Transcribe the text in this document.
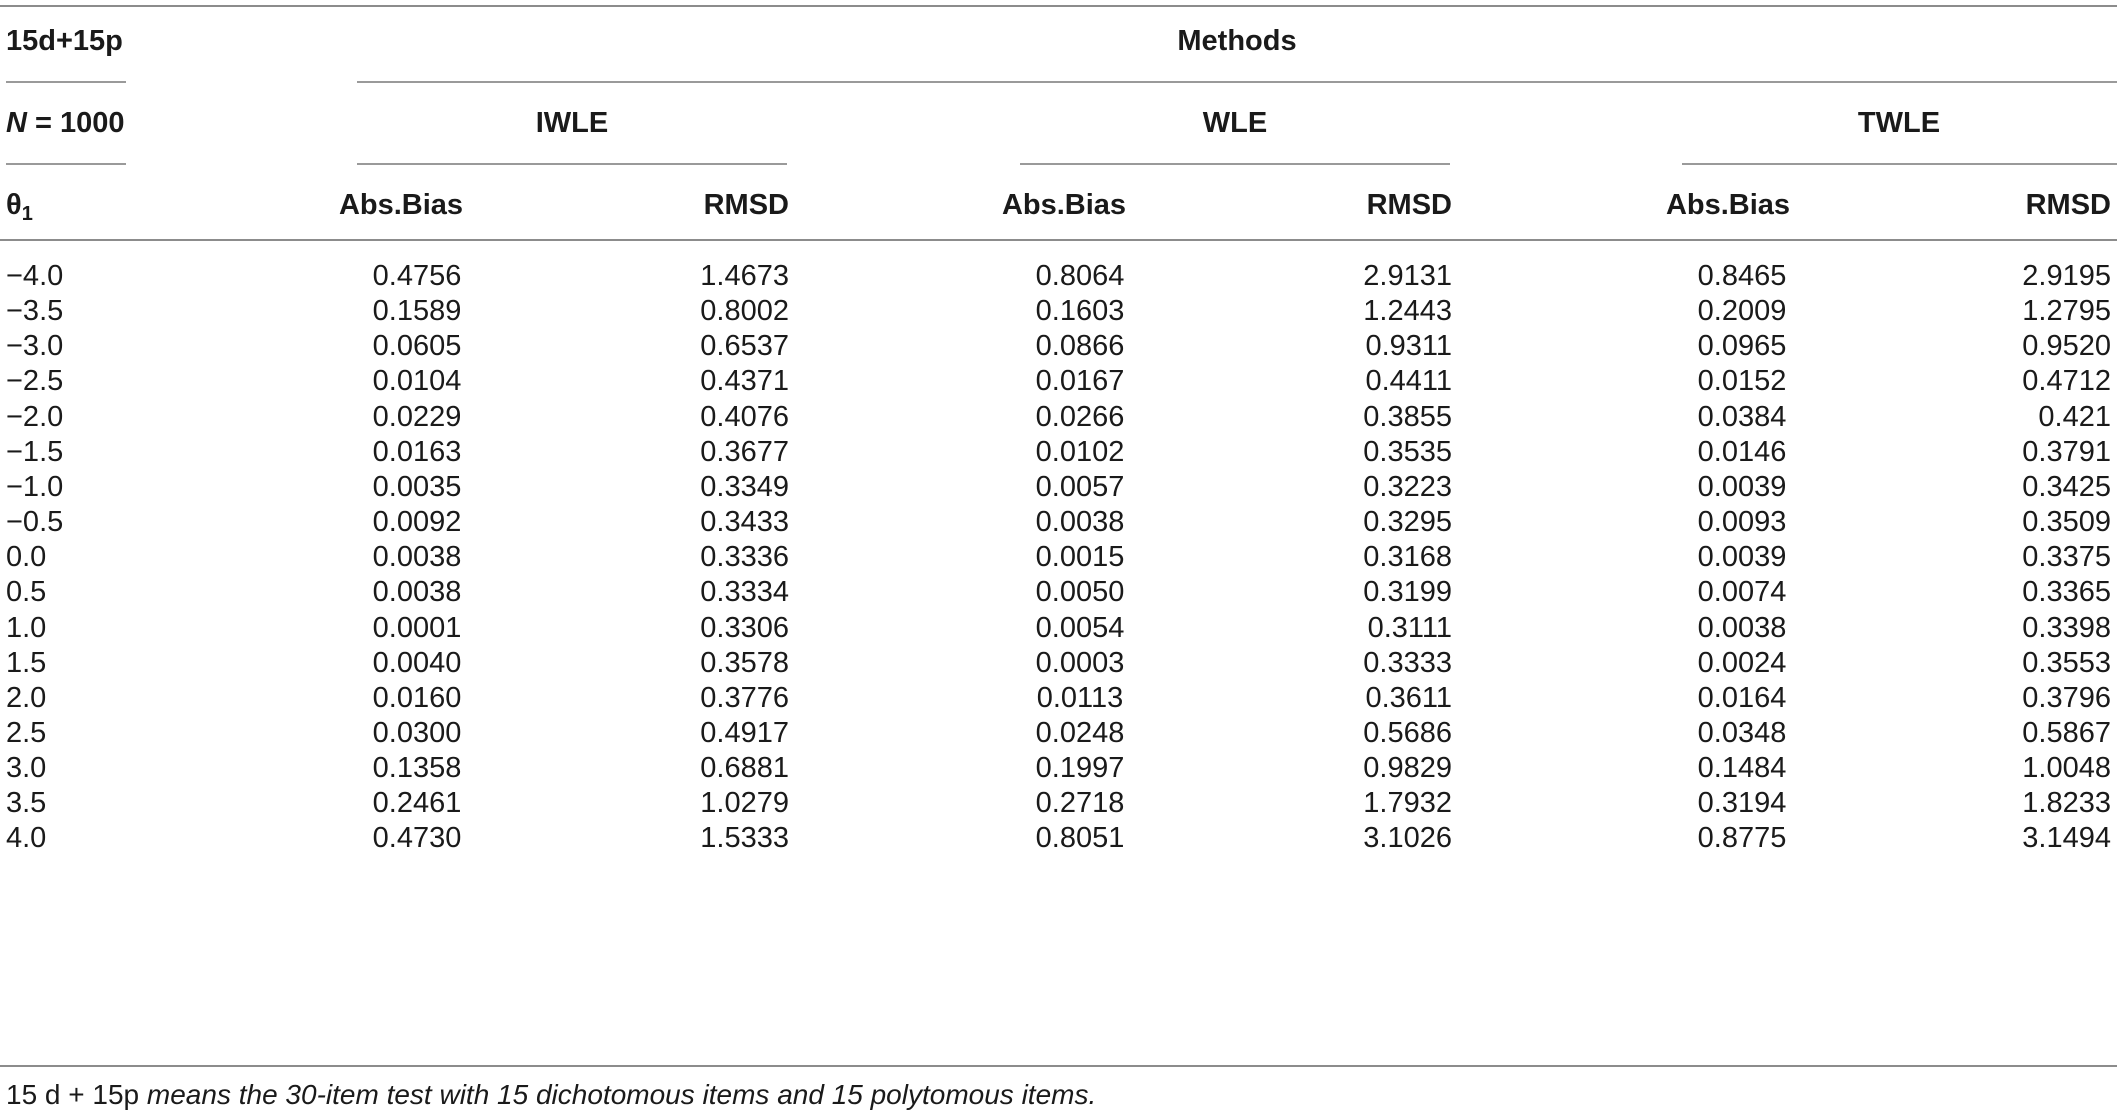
15d+15p	Methods
N = 1000	IWLE	WLE	TWLE
$\theta_1$	Abs.Bias	RMSD	Abs.Bias	RMSD	Abs.Bias	RMSD
−4.0	0.4756	1.4673	0.8064	2.9131	0.8465	2.9195
−3.5	0.1589	0.8002	0.1603	1.2443	0.2009	1.2795
−3.0	0.0605	0.6537	0.0866	0.9311	0.0965	0.9520
−2.5	0.0104	0.4371	0.0167	0.4411	0.0152	0.4712
−2.0	0.0229	0.4076	0.0266	0.3855	0.0384	0.421
−1.5	0.0163	0.3677	0.0102	0.3535	0.0146	0.3791
−1.0	0.0035	0.3349	0.0057	0.3223	0.0039	0.3425
−0.5	0.0092	0.3433	0.0038	0.3295	0.0093	0.3509
0.0	0.0038	0.3336	0.0015	0.3168	0.0039	0.3375
0.5	0.0038	0.3334	0.0050	0.3199	0.0074	0.3365
1.0	0.0001	0.3306	0.0054	0.3111	0.0038	0.3398
1.5	0.0040	0.3578	0.0003	0.3333	0.0024	0.3553
2.0	0.0160	0.3776	0.0113	0.3611	0.0164	0.3796
2.5	0.0300	0.4917	0.0248	0.5686	0.0348	0.5867
3.0	0.1358	0.6881	0.1997	0.9829	0.1484	1.0048
3.5	0.2461	1.0279	0.2718	1.7932	0.3194	1.8233
4.0	0.4730	1.5333	0.8051	3.1026	0.8775	3.1494
15 d + 15p means the 30-item test with 15 dichotomous items and 15 polytomous items.
